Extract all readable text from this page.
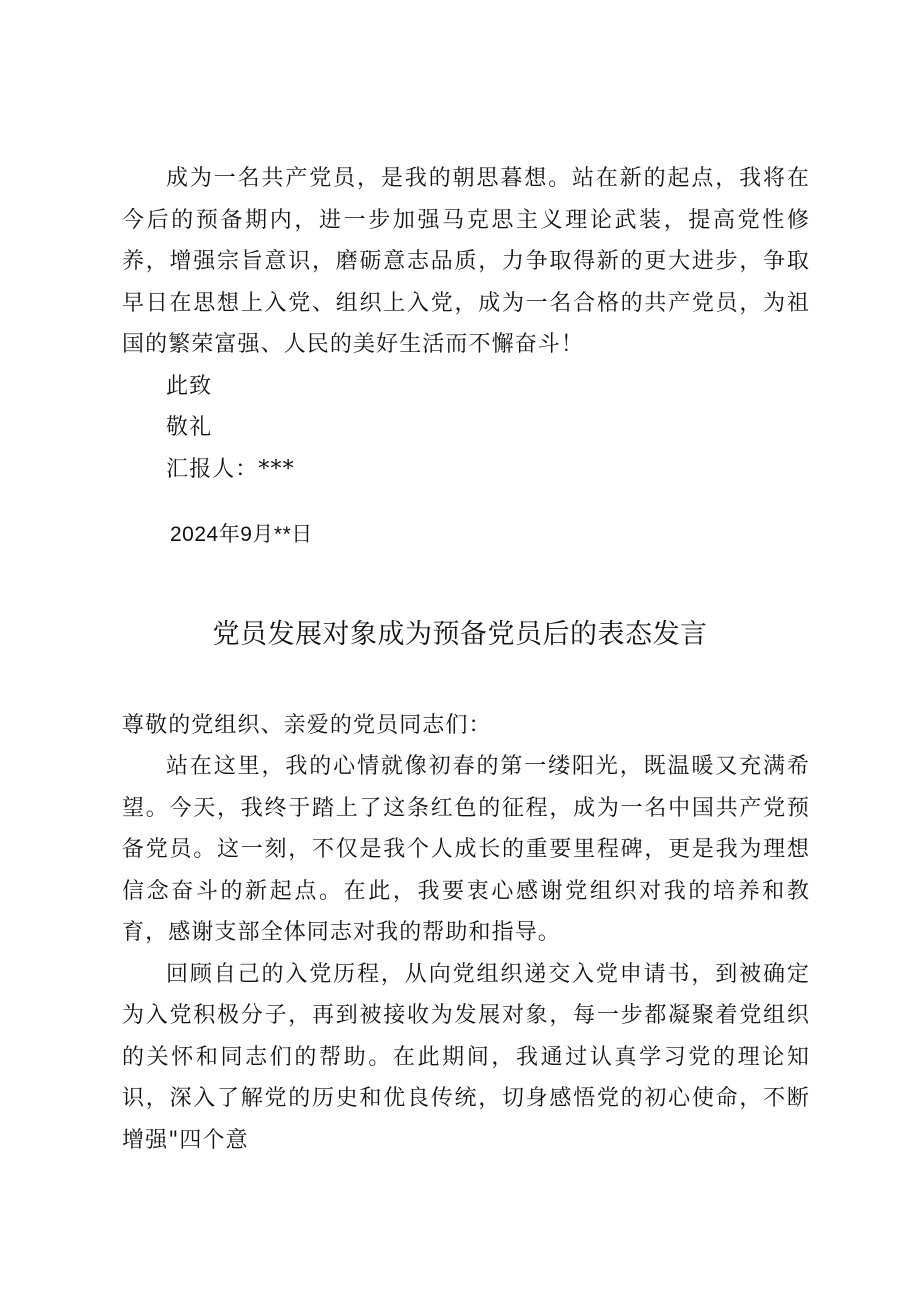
成为一名共产党员，是我的朝思暮想。站在新的起点，我将在今后的预备期内，进一步加强马克思主义理论武装，提高党性修养，增强宗旨意识，磨砺意志品质，力争取得新的更大进步，争取早日在思想上入党、组织上入党，成为一名合格的共产党员，为祖国的繁荣富强、人民的美好生活而不懈奋斗！

此致

敬礼

汇报人：***

2024年9月**日
党员发展对象成为预备党员后的表态发言

尊敬的党组织、亲爱的党员同志们：

站在这里，我的心情就像初春的第一缕阳光，既温暖又充满希望。今天，我终于踏上了这条红色的征程，成为一名中国共产党预备党员。这一刻，不仅是我个人成长的重要里程碑，更是我为理想信念奋斗的新起点。在此，我要衷心感谢党组织对我的培养和教育，感谢支部全体同志对我的帮助和指导。

回顾自己的入党历程，从向党组织递交入党申请书，到被确定为入党积极分子，再到被接收为发展对象，每一步都凝聚着党组织的关怀和同志们的帮助。在此期间，我通过认真学习党的理论知识，深入了解党的历史和优良传统，切身感悟党的初心使命，不断增强"四个意
